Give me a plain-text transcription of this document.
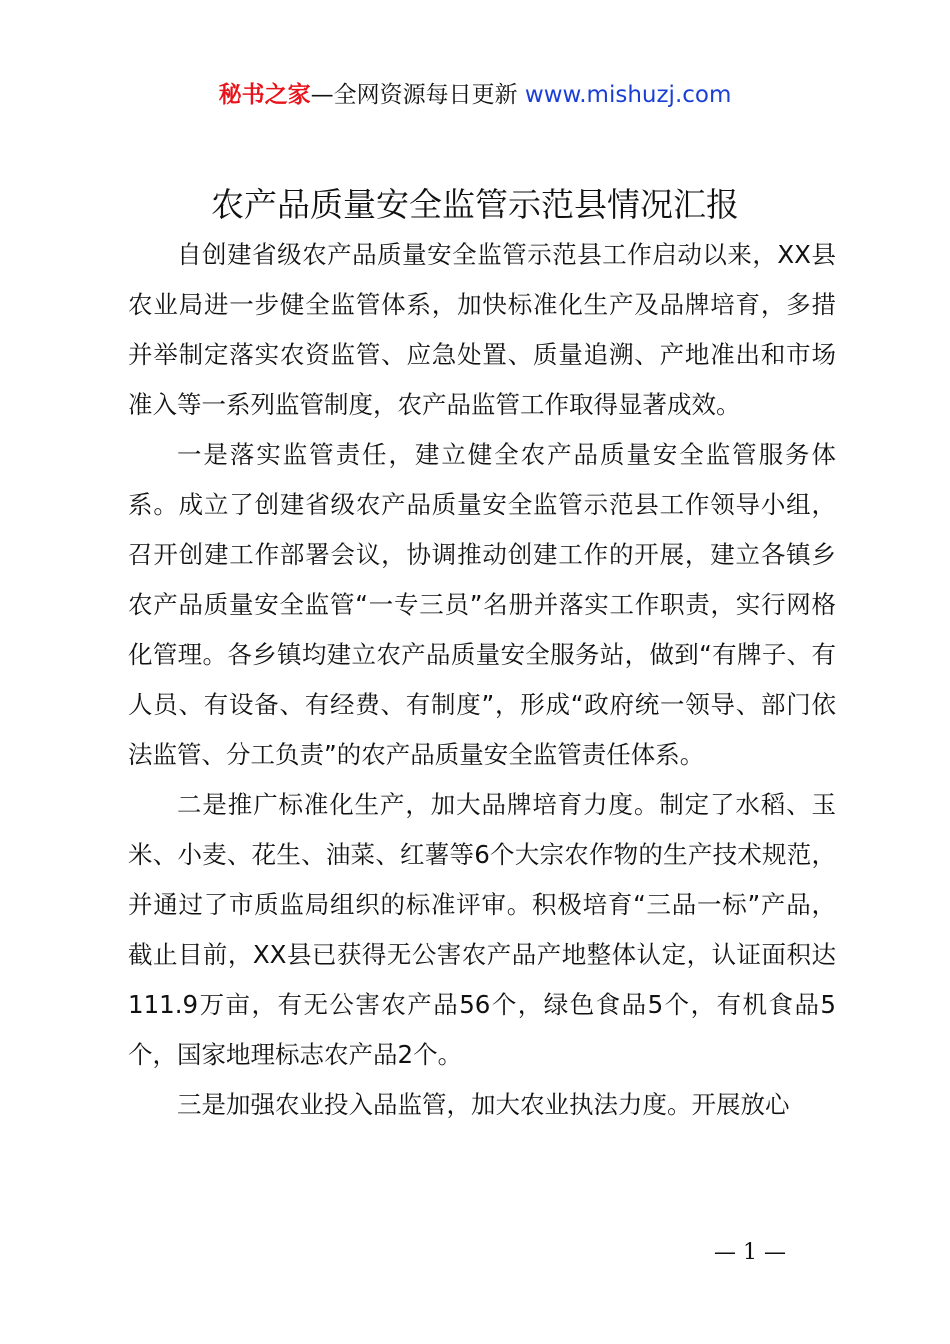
秘书之家—全网资源每日更新 www.mishuzj.com
农产品质量安全监管示范县情况汇报

自创建省级农产品质量安全监管示范县工作启动以来，XX县农业局进一步健全监管体系，加快标准化生产及品牌培育，多措并举制定落实农资监管、应急处置、质量追溯、产地准出和市场准入等一系列监管制度，农产品监管工作取得显著成效。

一是落实监管责任，建立健全农产品质量安全监管服务体系。成立了创建省级农产品质量安全监管示范县工作领导小组，召开创建工作部署会议，协调推动创建工作的开展，建立各镇乡农产品质量安全监管“一专三员”名册并落实工作职责，实行网格化管理。各乡镇均建立农产品质量安全服务站，做到“有牌子、有人员、有设备、有经费、有制度”，形成“政府统一领导、部门依法监管、分工负责”的农产品质量安全监管责任体系。

二是推广标准化生产，加大品牌培育力度。制定了水稻、玉米、小麦、花生、油菜、红薯等6个大宗农作物的生产技术规范，并通过了市质监局组织的标准评审。积极培育“三品一标”产品，截止目前，XX县已获得无公害农产品产地整体认定，认证面积达111.9万亩，有无公害农产品56个，绿色食品5个，有机食品5个，国家地理标志农产品2个。

三是加强农业投入品监管，加大农业执法力度。开展放心

— 1 —
